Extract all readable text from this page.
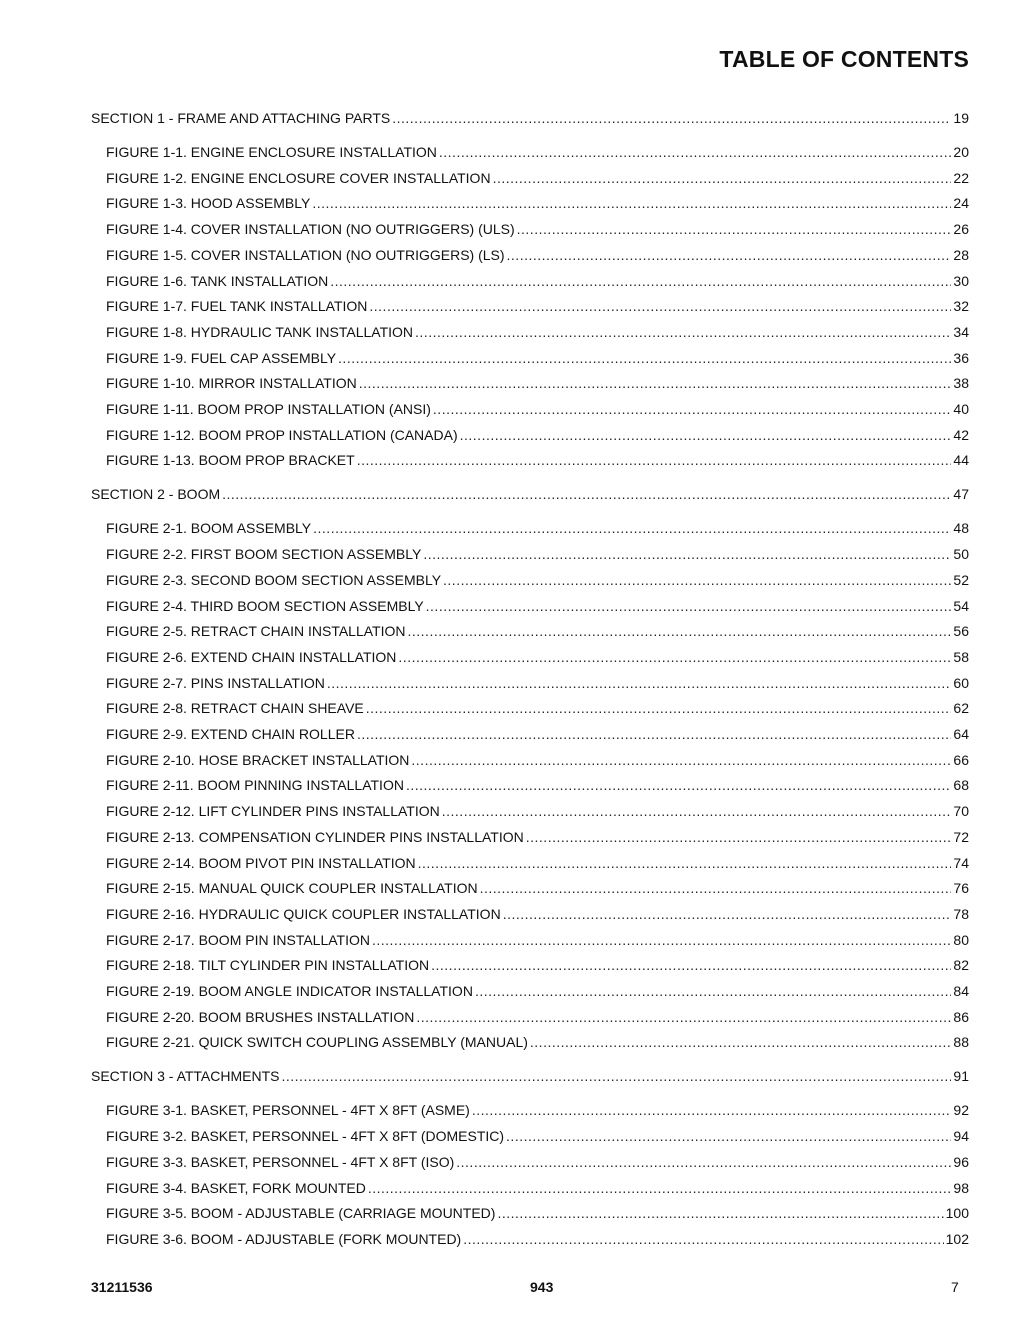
TABLE OF CONTENTS
SECTION 1 - FRAME AND ATTACHING PARTS .....	19
FIGURE 1-1. ENGINE ENCLOSURE INSTALLATION .....	20
FIGURE 1-2. ENGINE ENCLOSURE COVER INSTALLATION .....	22
FIGURE 1-3. HOOD ASSEMBLY .....	24
FIGURE 1-4. COVER INSTALLATION (NO OUTRIGGERS) (ULS) .....	26
FIGURE 1-5. COVER INSTALLATION (NO OUTRIGGERS) (LS) .....	28
FIGURE 1-6. TANK INSTALLATION .....	30
FIGURE 1-7. FUEL TANK INSTALLATION .....	32
FIGURE 1-8. HYDRAULIC TANK INSTALLATION .....	34
FIGURE 1-9. FUEL CAP ASSEMBLY .....	36
FIGURE 1-10. MIRROR INSTALLATION .....	38
FIGURE 1-11. BOOM PROP INSTALLATION (ANSI) .....	40
FIGURE 1-12. BOOM PROP INSTALLATION (CANADA) .....	42
FIGURE 1-13. BOOM PROP BRACKET .....	44
SECTION 2 - BOOM .....	47
FIGURE 2-1. BOOM ASSEMBLY .....	48
FIGURE 2-2. FIRST BOOM SECTION ASSEMBLY .....	50
FIGURE 2-3. SECOND BOOM SECTION ASSEMBLY .....	52
FIGURE 2-4. THIRD BOOM SECTION ASSEMBLY .....	54
FIGURE 2-5. RETRACT CHAIN INSTALLATION .....	56
FIGURE 2-6. EXTEND CHAIN INSTALLATION .....	58
FIGURE 2-7. PINS INSTALLATION .....	60
FIGURE 2-8. RETRACT CHAIN SHEAVE .....	62
FIGURE 2-9. EXTEND CHAIN ROLLER .....	64
FIGURE 2-10. HOSE BRACKET INSTALLATION .....	66
FIGURE 2-11. BOOM PINNING INSTALLATION .....	68
FIGURE 2-12. LIFT CYLINDER PINS INSTALLATION .....	70
FIGURE 2-13. COMPENSATION CYLINDER PINS INSTALLATION .....	72
FIGURE 2-14. BOOM PIVOT PIN INSTALLATION .....	74
FIGURE 2-15. MANUAL QUICK COUPLER INSTALLATION .....	76
FIGURE 2-16. HYDRAULIC QUICK COUPLER INSTALLATION .....	78
FIGURE 2-17. BOOM PIN INSTALLATION .....	80
FIGURE 2-18. TILT CYLINDER PIN INSTALLATION .....	82
FIGURE 2-19. BOOM ANGLE INDICATOR INSTALLATION .....	84
FIGURE 2-20. BOOM BRUSHES INSTALLATION .....	86
FIGURE 2-21. QUICK SWITCH COUPLING ASSEMBLY (MANUAL) .....	88
SECTION 3 - ATTACHMENTS .....	91
FIGURE 3-1. BASKET, PERSONNEL - 4FT X 8FT (ASME) .....	92
FIGURE 3-2. BASKET, PERSONNEL - 4FT X 8FT (DOMESTIC) .....	94
FIGURE 3-3. BASKET, PERSONNEL - 4FT X 8FT (ISO) .....	96
FIGURE 3-4. BASKET, FORK MOUNTED .....	98
FIGURE 3-5. BOOM - ADJUSTABLE (CARRIAGE MOUNTED) .....	100
FIGURE 3-6. BOOM - ADJUSTABLE (FORK MOUNTED) .....	102
31211536	943	7
